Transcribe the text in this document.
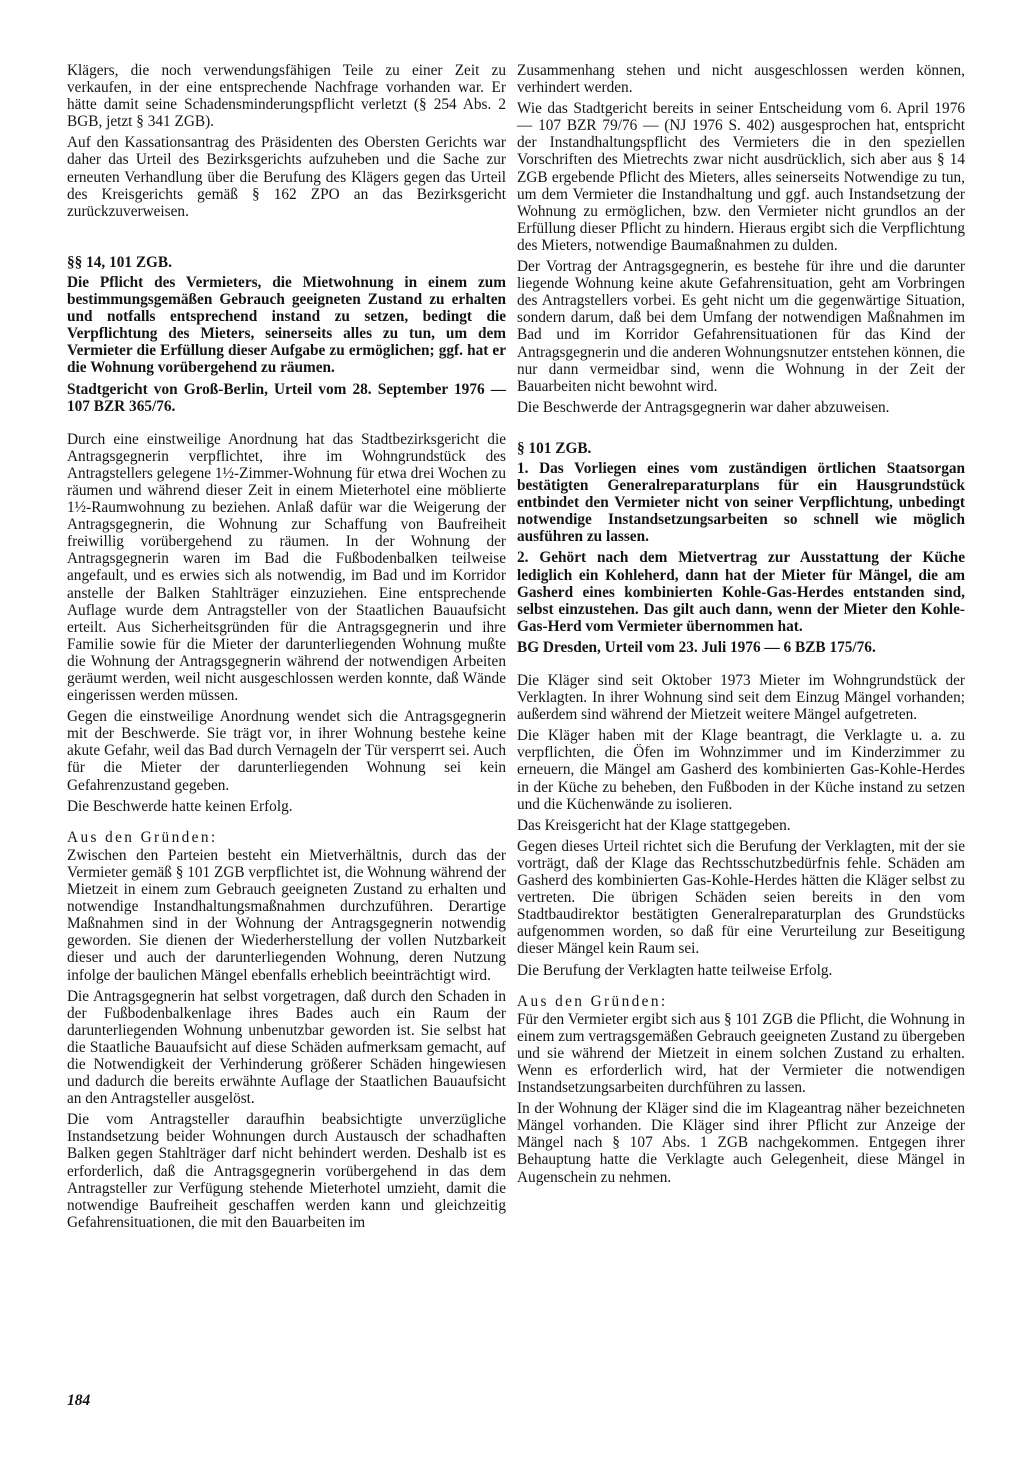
Klägers, die noch verwendungsfähigen Teile zu einer Zeit zu verkaufen, in der eine entsprechende Nachfrage vorhanden war. Er hätte damit seine Schadensminderungspflicht verletzt (§ 254 Abs. 2 BGB, jetzt § 341 ZGB).

Auf den Kassationsantrag des Präsidenten des Obersten Gerichts war daher das Urteil des Bezirksgerichts aufzuheben und die Sache zur erneuten Verhandlung über die Berufung des Klägers gegen das Urteil des Kreisgerichts gemäß § 162 ZPO an das Bezirksgericht zurückzuverweisen.

§§ 14, 101 ZGB.

Die Pflicht des Vermieters, die Mietwohnung in einem zum bestimmungsgemäßen Gebrauch geeigneten Zustand zu erhalten und notfalls entsprechend instand zu setzen, bedingt die Verpflichtung des Mieters, seinerseits alles zu tun, um dem Vermieter die Erfüllung dieser Aufgabe zu ermöglichen; ggf. hat er die Wohnung vorübergehend zu räumen.

Stadtgericht von Groß-Berlin, Urteil vom 28. September 1976 — 107 BZR 365/76.

Durch eine einstweilige Anordnung hat das Stadtbezirksgericht die Antragsgegnerin verpflichtet, ihre im Wohngrundstück des Antragstellers gelegene 1½-Zimmer-Wohnung für etwa drei Wochen zu räumen und während dieser Zeit in einem Mieterhotel eine möblierte 1½-Raumwohnung zu beziehen. Anlaß dafür war die Weigerung der Antragsgegnerin, die Wohnung zur Schaffung von Baufreiheit freiwillig vorübergehend zu räumen. In der Wohnung der Antragsgegnerin waren im Bad die Fußbodenbalken teilweise angefault, und es erwies sich als notwendig, im Bad und im Korridor anstelle der Balken Stahlträger einzuziehen. Eine entsprechende Auflage wurde dem Antragsteller von der Staatlichen Bauaufsicht erteilt. Aus Sicherheitsgründen für die Antragsgegnerin und ihre Familie sowie für die Mieter der darunterliegenden Wohnung mußte die Wohnung der Antragsgegnerin während der notwendigen Arbeiten geräumt werden, weil nicht ausgeschlossen werden konnte, daß Wände eingerissen werden müssen.

Gegen die einstweilige Anordnung wendet sich die Antragsgegnerin mit der Beschwerde. Sie trägt vor, in ihrer Wohnung bestehe keine akute Gefahr, weil das Bad durch Vernageln der Tür versperrt sei. Auch für die Mieter der darunterliegenden Wohnung sei kein Gefahrenzustand gegeben.

Die Beschwerde hatte keinen Erfolg.

Aus den Gründen:

Zwischen den Parteien besteht ein Mietverhältnis, durch das der Vermieter gemäß § 101 ZGB verpflichtet ist, die Wohnung während der Mietzeit in einem zum Gebrauch geeigneten Zustand zu erhalten und notwendige Instandhaltungsmaßnahmen durchzuführen. Derartige Maßnahmen sind in der Wohnung der Antragsgegnerin notwendig geworden. Sie dienen der Wiederherstellung der vollen Nutzbarkeit dieser und auch der darunterliegenden Wohnung, deren Nutzung infolge der baulichen Mängel ebenfalls erheblich beeinträchtigt wird.

Die Antragsgegnerin hat selbst vorgetragen, daß durch den Schaden in der Fußbodenbalkenlage ihres Bades auch ein Raum der darunterliegenden Wohnung unbenutzbar geworden ist. Sie selbst hat die Staatliche Bauaufsicht auf diese Schäden aufmerksam gemacht, auf die Notwendigkeit der Verhinderung größerer Schäden hingewiesen und dadurch die bereits erwähnte Auflage der Staatlichen Bauaufsicht an den Antragsteller ausgelöst.

Die vom Antragsteller daraufhin beabsichtigte unverzügliche Instandsetzung beider Wohnungen durch Austausch der schadhaften Balken gegen Stahlträger darf nicht behindert werden. Deshalb ist es erforderlich, daß die Antragsgegnerin vorübergehend in das dem Antragsteller zur Verfügung stehende Mieterhotel umzieht, damit die notwendige Baufreiheit geschaffen werden kann und gleichzeitig Gefahrensituationen, die mit den Bauarbeiten im

Zusammenhang stehen und nicht ausgeschlossen werden können, verhindert werden.

Wie das Stadtgericht bereits in seiner Entscheidung vom 6. April 1976 — 107 BZR 79/76 — (NJ 1976 S. 402) ausgesprochen hat, entspricht der Instandhaltungspflicht des Vermieters die in den speziellen Vorschriften des Mietrechts zwar nicht ausdrücklich, sich aber aus § 14 ZGB ergebende Pflicht des Mieters, alles seinerseits Notwendige zu tun, um dem Vermieter die Instandhaltung und ggf. auch Instandsetzung der Wohnung zu ermöglichen, bzw. den Vermieter nicht grundlos an der Erfüllung dieser Pflicht zu hindern. Hieraus ergibt sich die Verpflichtung des Mieters, notwendige Baumaßnahmen zu dulden.

Der Vortrag der Antragsgegnerin, es bestehe für ihre und die darunter liegende Wohnung keine akute Gefahrensituation, geht am Vorbringen des Antragstellers vorbei. Es geht nicht um die gegenwärtige Situation, sondern darum, daß bei dem Umfang der notwendigen Maßnahmen im Bad und im Korridor Gefahrensituationen für das Kind der Antragsgegnerin und die anderen Wohnungsnutzer entstehen können, die nur dann vermeidbar sind, wenn die Wohnung in der Zeit der Bauarbeiten nicht bewohnt wird.

Die Beschwerde der Antragsgegnerin war daher abzuweisen.

§ 101 ZGB.

1. Das Vorliegen eines vom zuständigen örtlichen Staatsorgan bestätigten Generalreparaturplans für ein Hausgrundstück entbindet den Vermieter nicht von seiner Verpflichtung, unbedingt notwendige Instandsetzungsarbeiten so schnell wie möglich ausführen zu lassen.

2. Gehört nach dem Mietvertrag zur Ausstattung der Küche lediglich ein Kohleherd, dann hat der Mieter für Mängel, die am Gasherd eines kombinierten Kohle-Gas-Herdes entstanden sind, selbst einzustehen. Das gilt auch dann, wenn der Mieter den Kohle-Gas-Herd vom Vermieter übernommen hat.

BG Dresden, Urteil vom 23. Juli 1976 — 6 BZB 175/76.

Die Kläger sind seit Oktober 1973 Mieter im Wohngrundstück der Verklagten. In ihrer Wohnung sind seit dem Einzug Mängel vorhanden; außerdem sind während der Mietzeit weitere Mängel aufgetreten.

Die Kläger haben mit der Klage beantragt, die Verklagte u. a. zu verpflichten, die Öfen im Wohnzimmer und im Kinderzimmer zu erneuern, die Mängel am Gasherd des kombinierten Gas-Kohle-Herdes in der Küche zu beheben, den Fußboden in der Küche instand zu setzen und die Küchenwände zu isolieren.

Das Kreisgericht hat der Klage stattgegeben.

Gegen dieses Urteil richtet sich die Berufung der Verklagten, mit der sie vorträgt, daß der Klage das Rechtsschutzbedürfnis fehle. Schäden am Gasherd des kombinierten Gas-Kohle-Herdes hätten die Kläger selbst zu vertreten. Die übrigen Schäden seien bereits in den vom Stadtbaudirektor bestätigten Generalreparaturplan des Grundstücks aufgenommen worden, so daß für eine Verurteilung zur Beseitigung dieser Mängel kein Raum sei.

Die Berufung der Verklagten hatte teilweise Erfolg.

Aus den Gründen:

Für den Vermieter ergibt sich aus § 101 ZGB die Pflicht, die Wohnung in einem zum vertragsgemäßen Gebrauch geeigneten Zustand zu übergeben und sie während der Mietzeit in einem solchen Zustand zu erhalten. Wenn es erforderlich wird, hat der Vermieter die notwendigen Instandsetzungsarbeiten durchführen zu lassen.

In der Wohnung der Kläger sind die im Klageantrag näher bezeichneten Mängel vorhanden. Die Kläger sind ihrer Pflicht zur Anzeige der Mängel nach § 107 Abs. 1 ZGB nachgekommen. Entgegen ihrer Behauptung hatte die Verklagte auch Gelegenheit, diese Mängel in Augenschein zu nehmen.

184
